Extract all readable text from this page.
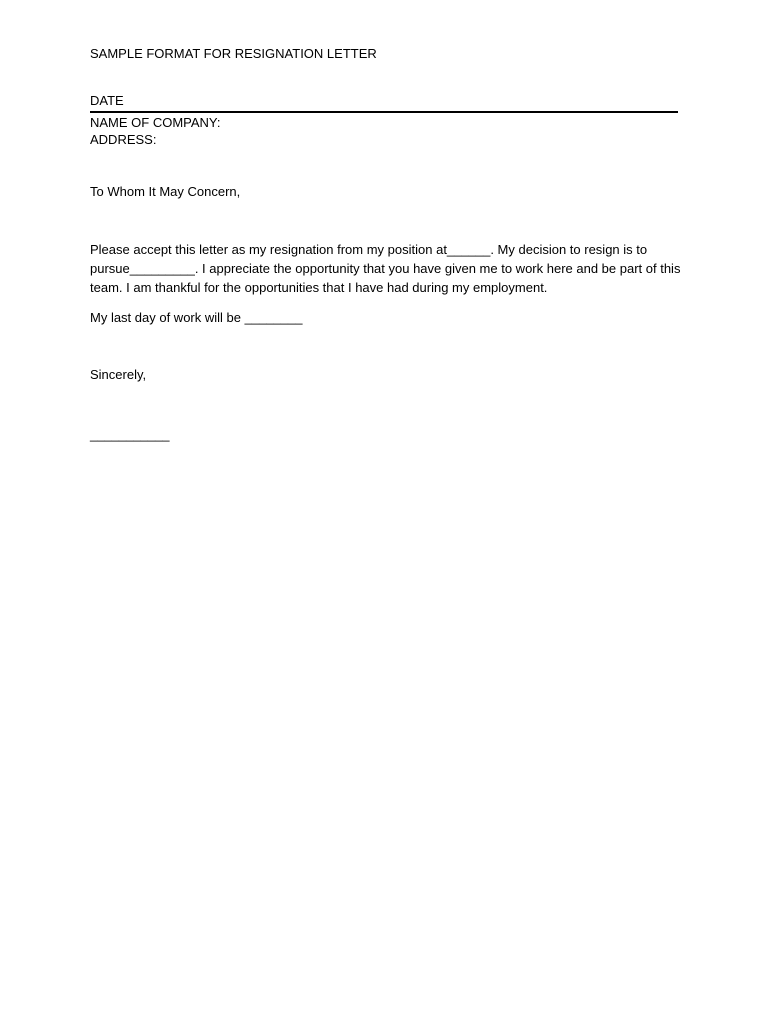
SAMPLE FORMAT FOR RESIGNATION LETTER
DATE
NAME OF COMPANY:
ADDRESS:
To Whom It May Concern,
Please accept this letter as my resignation from my position at______. My decision to resign is to
pursue_________. I appreciate the opportunity that you have given me to work here and be part of this
team. I am thankful for the opportunities that I have had during my employment.
My last day of work will be ________
Sincerely,
___________
